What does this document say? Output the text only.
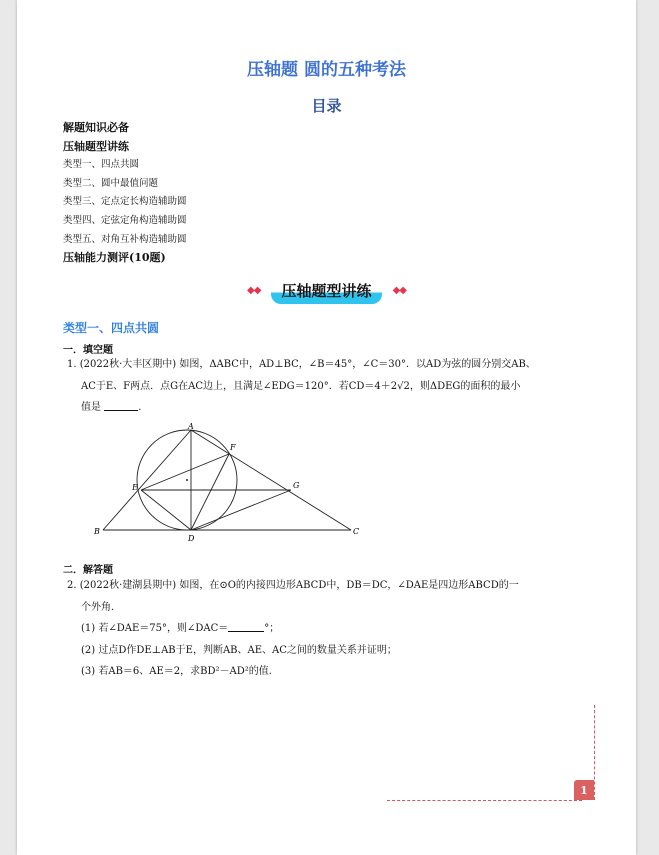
压轴题 圆的五种考法
目录
解题知识必备
压轴题型讲练
类型一、四点共圆
类型二、圆中最值问题
类型三、定点定长构造辅助圆
类型四、定弦定角构造辅助圆
类型五、对角互补构造辅助圆
压轴能力测评(10题)
◆◆ 压轴题型讲练 ◆◆
类型一、四点共圆
一．填空题
1. (2022秋·大丰区期中) 如图，ΔABC中，AD⊥BC，∠B＝45°，∠C＝30°．以AD为弦的圆分别交AB、
AC于E、F两点．点G在AC边上，且满足∠EDG＝120°．若CD＝4＋2√2，则ΔDEG的面积的最小
值是	.
A
B	C
D
E
F
G
二．解答题
2. (2022秋·建湖县期中) 如图，在⊙O的内接四边形ABCD中，DB＝DC，∠DAE是四边形ABCD的一
个外角．
(1) 若∠DAE＝75°，则∠DAC＝	°；
(2) 过点D作DE⊥AB于E，判断AB、AE、AC之间的数量关系并证明；
(3) 若AB＝6、AE＝2，求BD²－AD²的值.
1
